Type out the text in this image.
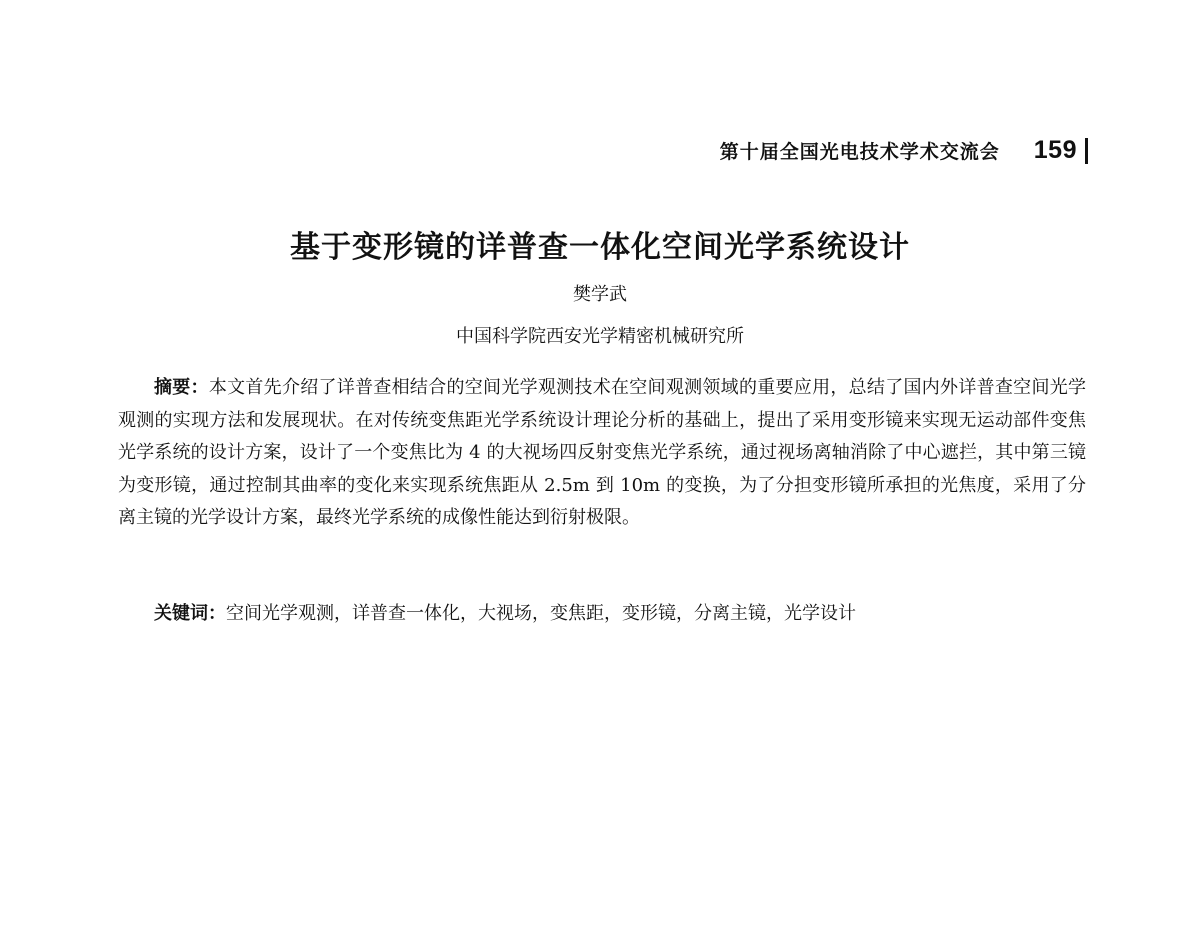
第十届全国光电技术学术交流会 159
基于变形镜的详普查一体化空间光学系统设计
樊学武
中国科学院西安光学精密机械研究所

摘要：本文首先介绍了详普查相结合的空间光学观测技术在空间观测领域的重要应用，总结了国内外详普查空间光学观测的实现方法和发展现状。在对传统变焦距光学系统设计理论分析的基础上，提出了采用变形镜来实现无运动部件变焦光学系统的设计方案，设计了一个变焦比为 4 的大视场四反射变焦光学系统，通过视场离轴消除了中心遮拦，其中第三镜为变形镜，通过控制其曲率的变化来实现系统焦距从 2.5m 到 10m 的变换，为了分担变形镜所承担的光焦度，采用了分离主镜的光学设计方案，最终光学系统的成像性能达到衍射极限。

关键词：空间光学观测，详普查一体化，大视场，变焦距，变形镜，分离主镜，光学设计
